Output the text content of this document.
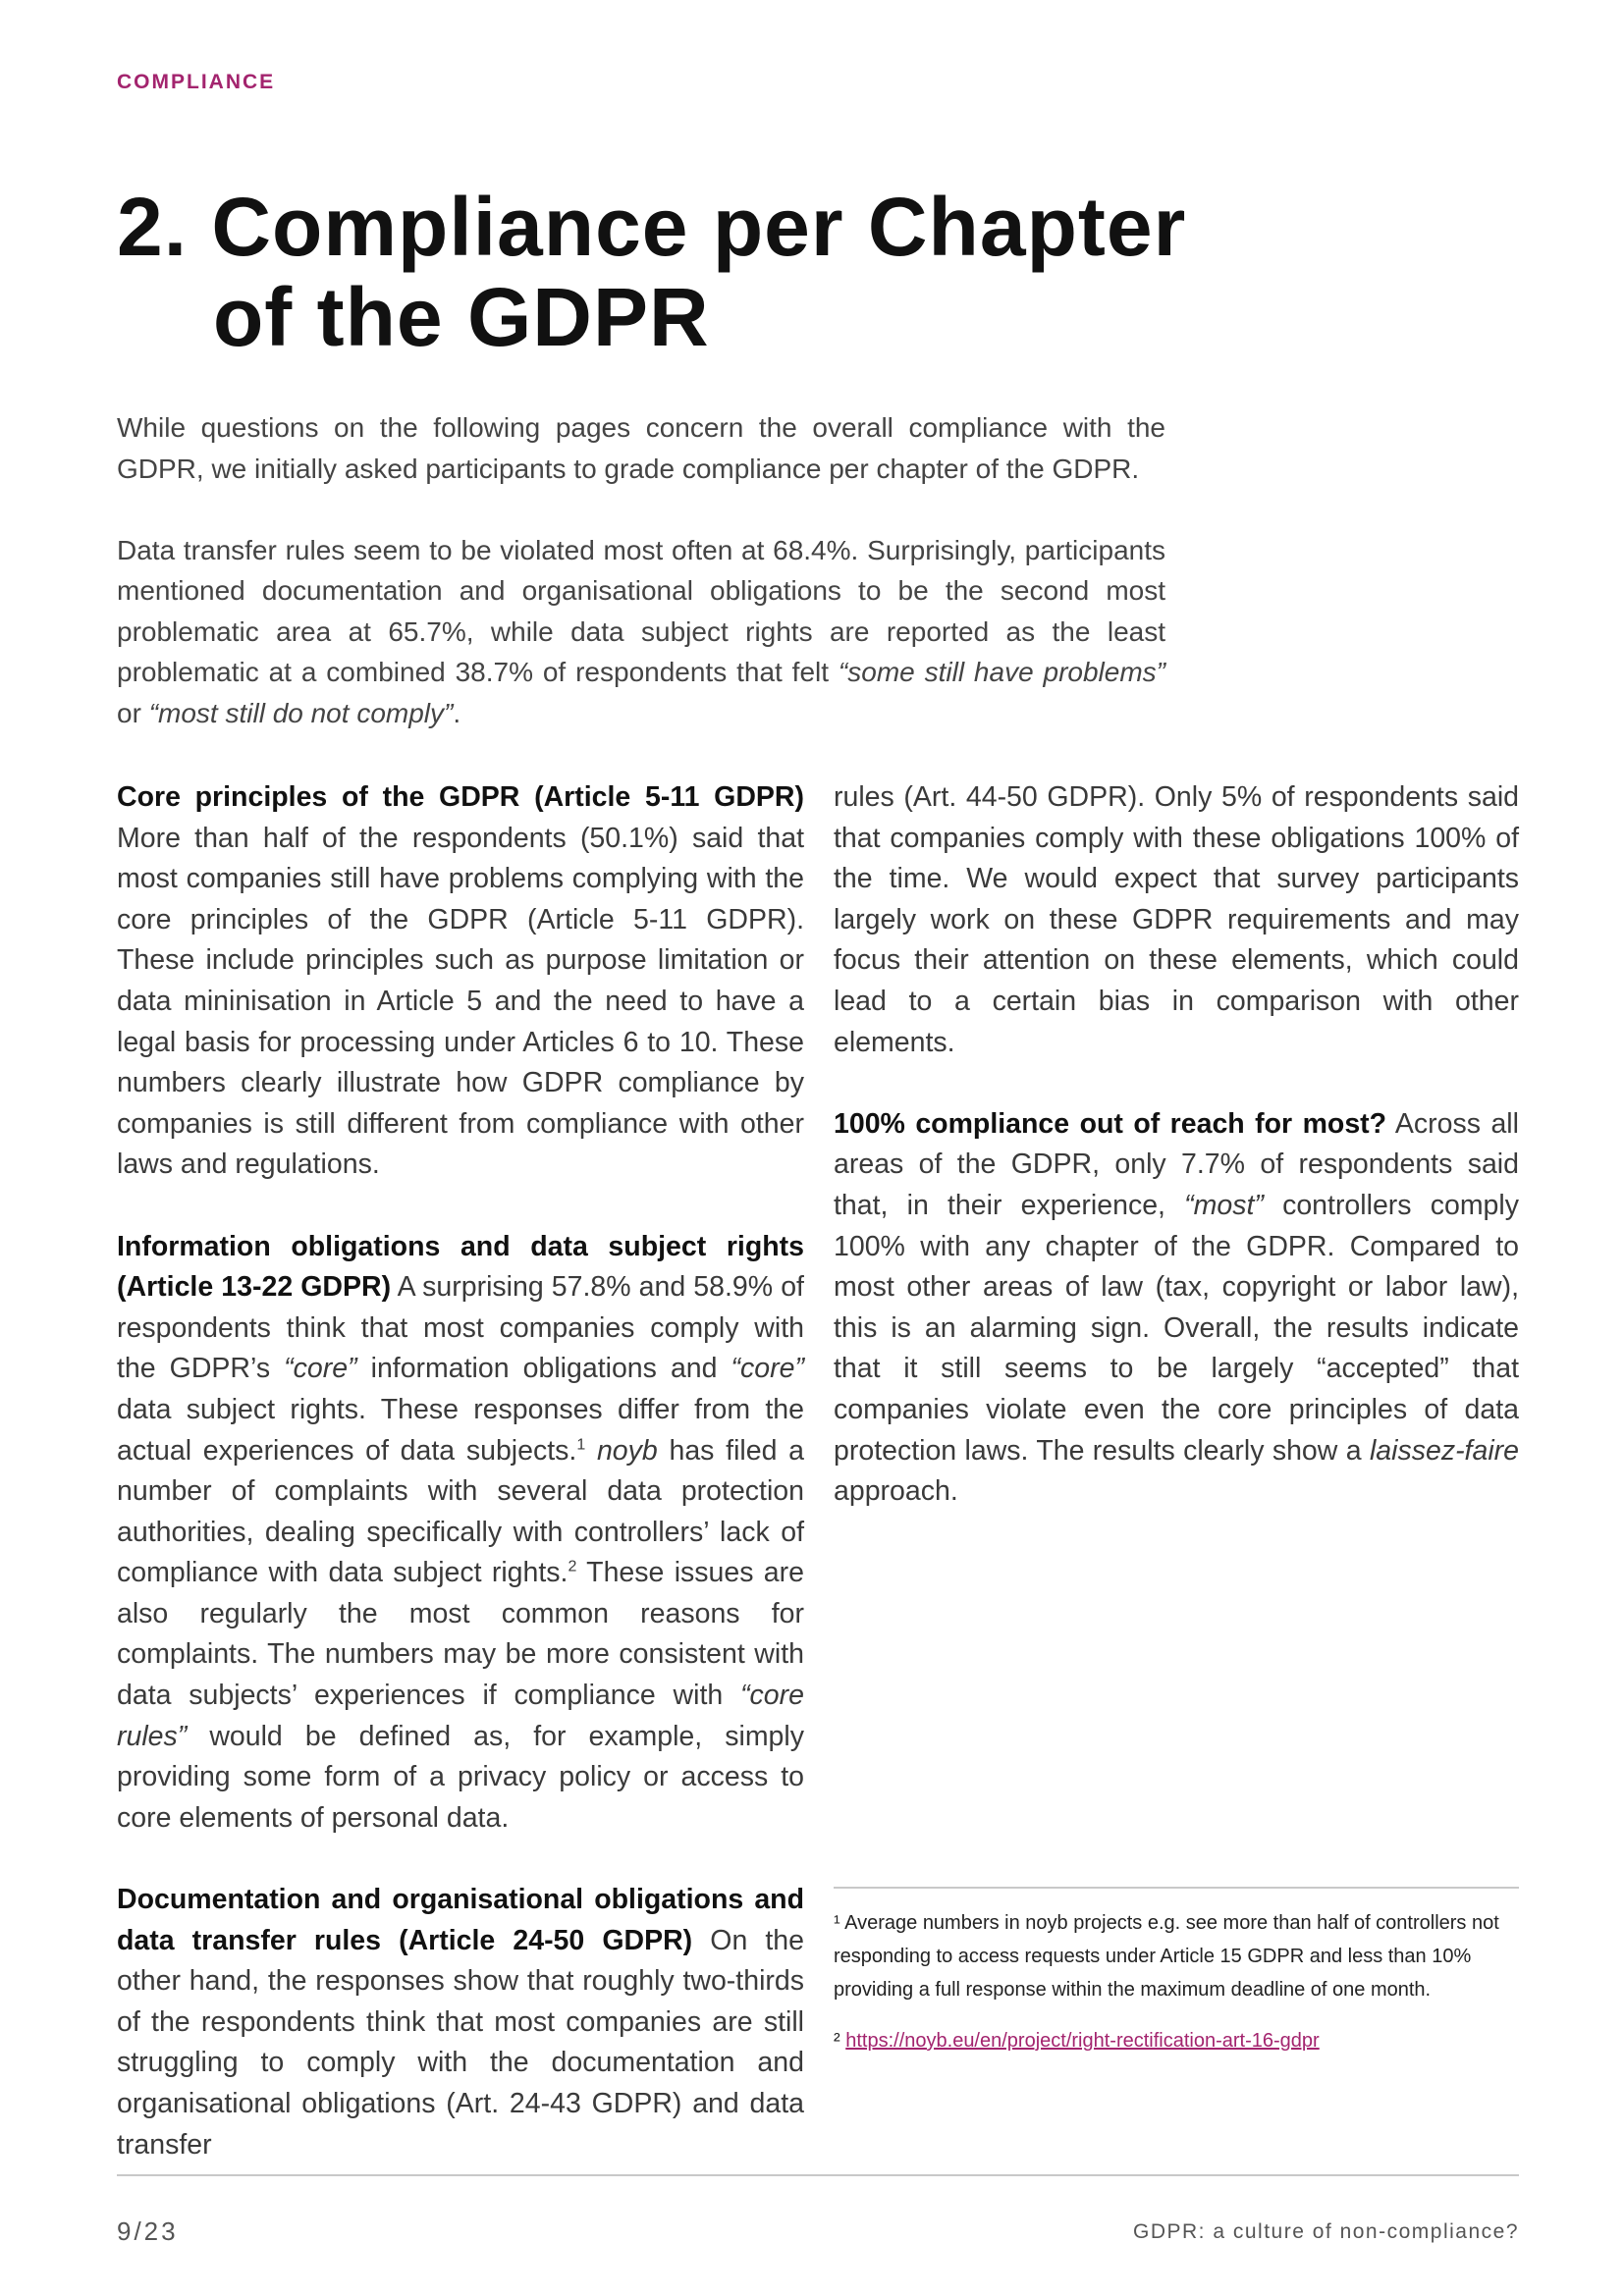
COMPLIANCE
2. Compliance per Chapter
of the GDPR

While questions on the following pages concern the overall compliance with the GDPR, we initially asked participants to grade compliance per chapter of the GDPR.

Data transfer rules seem to be violated most often at 68.4%. Surprisingly, participants mentioned documentation and organisational obligations to be the second most problematic area at 65.7%, while data subject rights are reported as the least problematic at a combined 38.7% of respondents that felt “some still have problems” or “most still do not comply”.

Core principles of the GDPR (Article 5-11 GDPR) More than half of the respondents (50.1%) said that most companies still have problems complying with the core principles of the GDPR (Article 5-11 GDPR). These include principles such as purpose limitation or data mininisation in Article 5 and the need to have a legal basis for processing under Articles 6 to 10. These numbers clearly illustrate how GDPR compliance by companies is still different from compliance with other laws and regulations.

Information obligations and data subject rights (Article 13-22 GDPR) A surprising 57.8% and 58.9% of respondents think that most companies comply with the GDPR’s “core” information obligations and “core” data subject rights. These responses differ from the actual experiences of data subjects.$^1$ noyb has filed a number of complaints with several data protection authorities, dealing specifically with controllers’ lack of compliance with data subject rights.$^2$ These issues are also regularly the most common reasons for complaints. The numbers may be more consistent with data subjects’ experiences if compliance with “core rules” would be defined as, for example, simply providing some form of a privacy policy or access to core elements of personal data.

Documentation and organisational obligations and data transfer rules (Article 24-50 GDPR) On the other hand, the responses show that roughly two-thirds of the respondents think that most companies are still struggling to comply with the documentation and organisational obligations (Art. 24-43 GDPR) and data transfer

rules (Art. 44-50 GDPR). Only 5% of respondents said that companies comply with these obligations 100% of the time. We would expect that survey participants largely work on these GDPR requirements and may focus their attention on these elements, which could lead to a certain bias in comparison with other elements.

100% compliance out of reach for most? Across all areas of the GDPR, only 7.7% of respondents said that, in their experience, “most” controllers comply 100% with any chapter of the GDPR. Compared to most other areas of law (tax, copyright or labor law), this is an alarming sign. Overall, the results indicate that it still seems to be largely “accepted” that companies violate even the core principles of data protection laws. The results clearly show a laissez-faire approach.

¹ Average numbers in noyb projects e.g. see more than half of controllers not responding to access requests under Article 15 GDPR and less than 10% providing a full response within the maximum deadline of one month.

² https://noyb.eu/en/project/right-rectification-art-16-gdpr

9/23	GDPR: a culture of non-compliance?
